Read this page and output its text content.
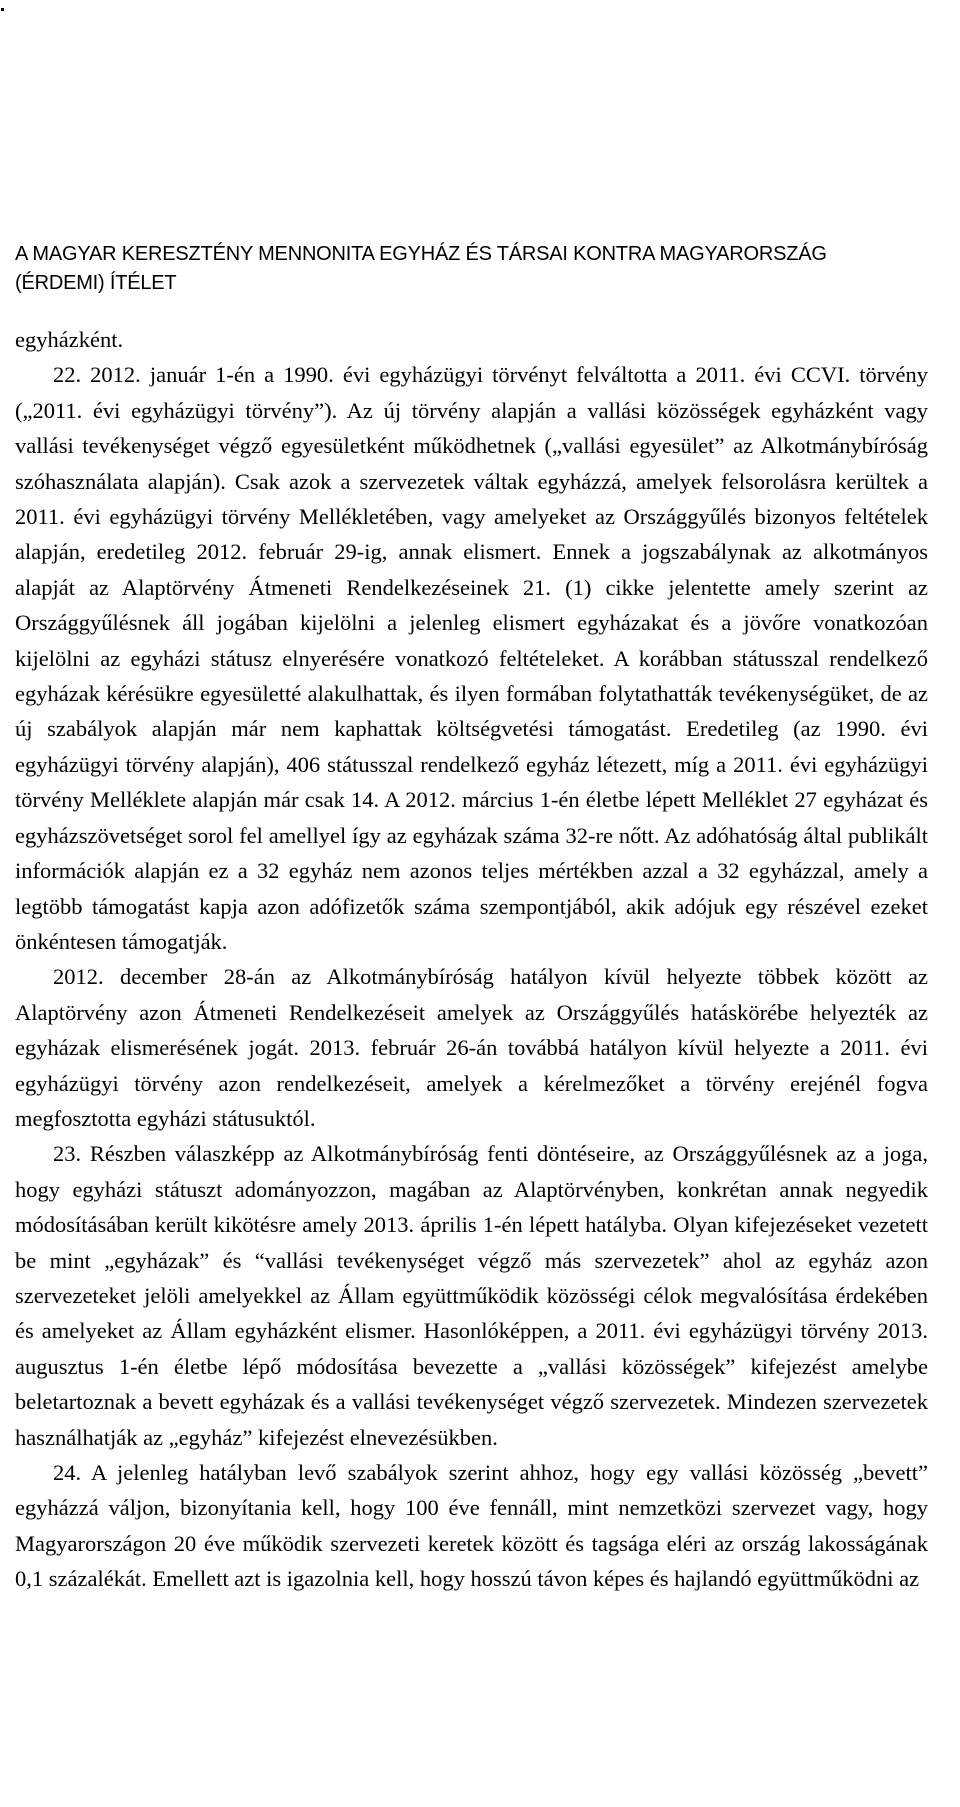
A MAGYAR KERESZTÉNY MENNONITA EGYHÁZ ÉS TÁRSAI KONTRA MAGYARORSZÁG
(ÉRDEMI) ÍTÉLET

egyházként.

22. 2012. január 1-én a 1990. évi egyházügyi törvényt felváltotta a 2011. évi CCVI. törvény („2011. évi egyházügyi törvény”). Az új törvény alapján a vallási közösségek egyházként vagy vallási tevékenységet végző egyesületként működhetnek („vallási egyesület” az Alkotmánybíróság szóhasználata alapján). Csak azok a szervezetek váltak egyházzá, amelyek felsorolásra kerültek a 2011. évi egyházügyi törvény Mellékletében, vagy amelyeket az Országgyűlés bizonyos feltételek alapján, eredetileg 2012. február 29-ig, annak elismert. Ennek a jogszabálynak az alkotmányos alapját az Alaptörvény Átmeneti Rendelkezéseinek 21. (1) cikke jelentette amely szerint az Országgyűlésnek áll jogában kijelölni a jelenleg elismert egyházakat és a jövőre vonatkozóan kijelölni az egyházi státusz elnyerésére vonatkozó feltételeket. A korábban státusszal rendelkező egyházak kérésükre egyesületté alakulhattak, és ilyen formában folytathatták tevékenységüket, de az új szabályok alapján már nem kaphattak költségvetési támogatást. Eredetileg (az 1990. évi egyházügyi törvény alapján), 406 státusszal rendelkező egyház létezett, míg a 2011. évi egyházügyi törvény Melléklete alapján már csak 14. A 2012. március 1-én életbe lépett Melléklet 27 egyházat és egyházszövetséget sorol fel amellyel így az egyházak száma 32-re nőtt. Az adóhatóság által publikált információk alapján ez a 32 egyház nem azonos teljes mértékben azzal a 32 egyházzal, amely a legtöbb támogatást kapja azon adófizetők száma szempontjából, akik adójuk egy részével ezeket önkéntesen támogatják.

2012. december 28-án az Alkotmánybíróság hatályon kívül helyezte többek között az Alaptörvény azon Átmeneti Rendelkezéseit amelyek az Országgyűlés hatáskörébe helyezték az egyházak elismerésének jogát. 2013. február 26-án továbbá hatályon kívül helyezte a 2011. évi egyházügyi törvény azon rendelkezéseit, amelyek a kérelmezőket a törvény erejénél fogva megfosztotta egyházi státusuktól.

23. Részben válaszképp az Alkotmánybíróság fenti döntéseire, az Országgyűlésnek az a joga, hogy egyházi státuszt adományozzon, magában az Alaptörvényben, konkrétan annak negyedik módosításában került kikötésre amely 2013. április 1-én lépett hatályba. Olyan kifejezéseket vezetett be mint „egyházak” és “vallási tevékenységet végző más szervezetek” ahol az egyház azon szervezeteket jelöli amelyekkel az Állam együttműködik közösségi célok megvalósítása érdekében és amelyeket az Állam egyházként elismer. Hasonlóképpen, a 2011. évi egyházügyi törvény 2013. augusztus 1-én életbe lépő módosítása bevezette a „vallási közösségek” kifejezést amelybe beletartoznak a bevett egyházak és a vallási tevékenységet végző szervezetek. Mindezen szervezetek használhatják az „egyház” kifejezést elnevezésükben.

24. A jelenleg hatályban levő szabályok szerint ahhoz, hogy egy vallási közösség „bevett” egyházzá váljon, bizonyítania kell, hogy 100 éve fennáll, mint nemzetközi szervezet vagy, hogy Magyarországon 20 éve működik szervezeti keretek között és tagsága eléri az ország lakosságának 0,1 százalékát. Emellett azt is igazolnia kell, hogy hosszú távon képes és hajlandó együttműködni az
